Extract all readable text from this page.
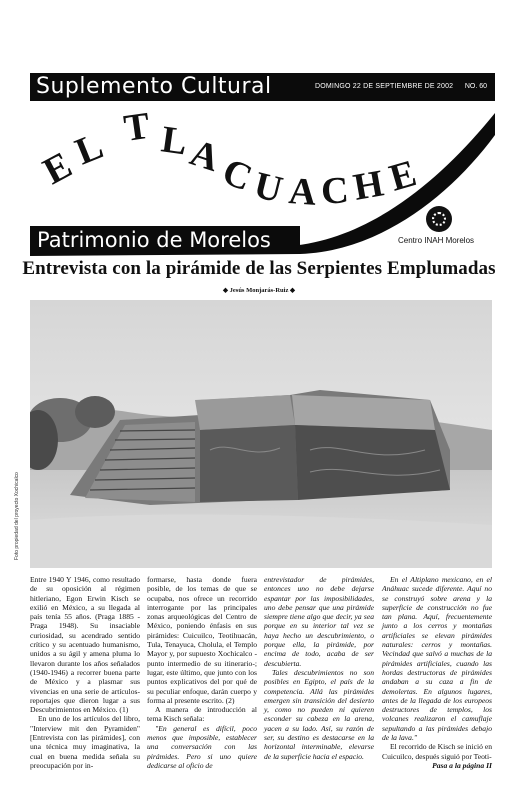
Suplemento Cultural	DOMINGO 22 DE SEPTIEMBRE DE 2002 NO. 60
E
L T L
A
C
U A C H
E
Patrimonio de Morelos	Centro INAH Morelos
Entrevista con la pirámide de las Serpientes Emplumadas
◆ Jesús Monjarás-Ruiz ◆
Foto propiedad del proyecto Xochicalco

Entre 1940 Y 1946, como resultado de su oposición al régimen hitleriano, Egon Erwin Kisch se exilió en México, a su llegada al país tenía 55 años. (Praga 1885 - Praga 1948). Su insaciable curiosidad, su acendrado sentido crítico y su acentuado humanismo, unidos a su ágil y amena pluma lo llevaron durante los años señalados (1940-1946) a recorrer buena parte de México y a plasmar sus vivencias en una serie de artículos-reportajes que dieron lugar a sus Descubrimientos en México. (1)

En uno de los artículos del libro, "Interview mit den Pyramiden" [Entrevista con las pirámides], con una técnica muy imaginativa, la cual en buena medida señala su preocupación por in-

formarse, hasta donde fuera posible, de los temas de que se ocupaba, nos ofrece un recorrido interrogante por las principales zonas arqueológicas del Centro de México, poniendo énfasis en sus pirámides: Cuicuilco, Teotihuacán, Tula, Tenayuca, Cholula, el Templo Mayor y, por supuesto Xochicalco -punto intermedio de su itinerario-; lugar, este último, que junto con los puntos explicativos del por qué de su peculiar enfoque, darán cuerpo y forma al presente escrito. (2)

A manera de introducción al tema Kisch señala:

"En general es difícil, poco menos que imposible, establecer una conversación con las pirámides. Pero si uno quiere dedicarse al oficio de

entrevistador de pirámides, entonces uno no debe dejarse espantar por las imposibilidades, uno debe pensar que una pirámide siempre tiene algo que decir, ya sea porque en su interior tal vez se haya hecho un descubrimiento, o porque ella, la pirámide, por encima de todo, acaba de ser descubierta.

Tales descubrimientos no son posibles en Egipto, el país de la competencia. Allá las pirámides emergen sin transición del desierto y, como no pueden ni quieren esconder su cabeza en la arena, yacen a su lado. Así, su razón de ser, su destino es destacarse en la horizontal interminable, elevarse de la superficie hacia el espacio.

En el Altiplano mexicano, en el Anáhuac sucede diferente. Aquí no se construyó sobre arena y la superficie de construcción no fue tan plana. Aquí, frecuentemente junto a los cerros y montañas artificiales se elevan pirámides naturales: cerros y montañas. Vecindad que salvó a muchas de la pirámides artificiales, cuando las hordas destructoras de pirámides andaban a su caza a fin de demolertas. En algunos lugares, antes de la llegada de los europeos destructores de templos, los volcanes realizaron el camuflaje sepultando a las pirámides debajo de la lava."

El recorrido de Kisch se inició en Cuicuilco, después siguió por Teoti-

Pasa a la página II
